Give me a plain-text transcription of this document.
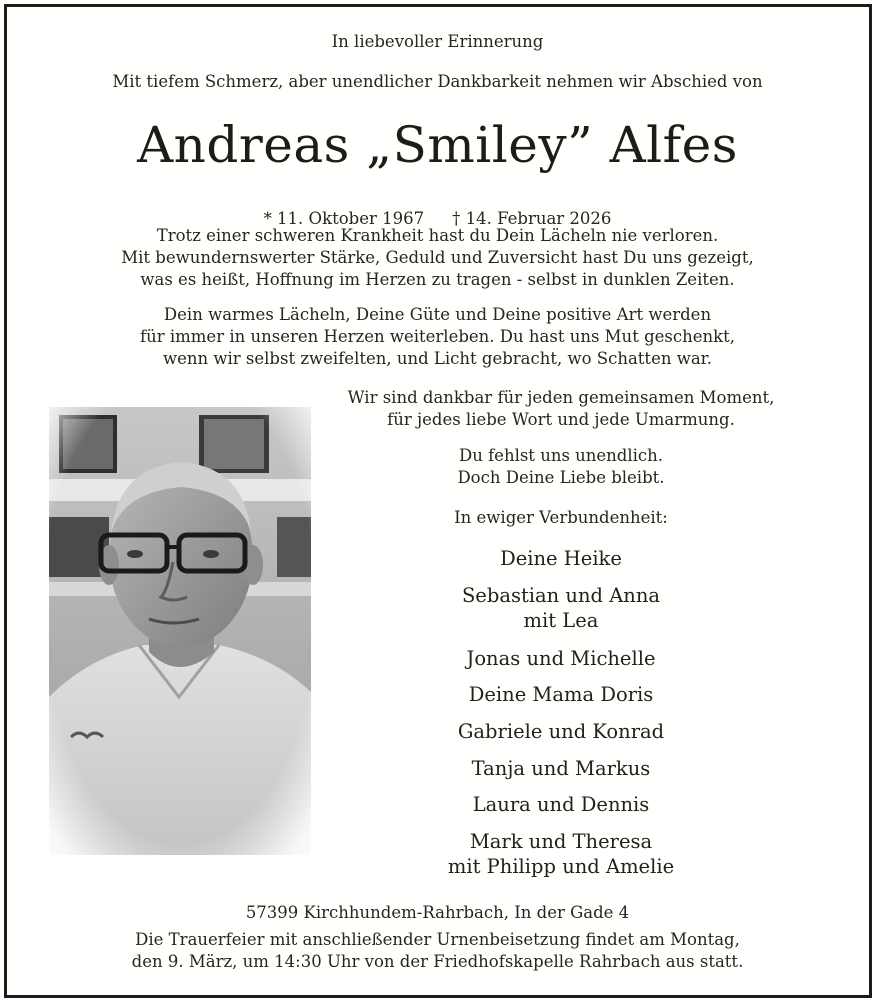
In liebevoller Erinnerung

Mit tiefem Schmerz, aber unendlicher Dankbarkeit nehmen wir Abschied von

Andreas „Smiley” Alfes

* 11. Oktober 1967 † 14. Februar 2026

Trotz einer schweren Krankheit hast du Dein Lächeln nie verloren.
Mit bewundernswerter Stärke, Geduld und Zuversicht hast Du uns gezeigt,
was es heißt, Hoffnung im Herzen zu tragen - selbst in dunklen Zeiten.

Dein warmes Lächeln, Deine Güte und Deine positive Art werden
für immer in unseren Herzen weiterleben. Du hast uns Mut geschenkt,
wenn wir selbst zweifelten, und Licht gebracht, wo Schatten war.

Wir sind dankbar für jeden gemeinsamen Moment,
für jedes liebe Wort und jede Umarmung.

Du fehlst uns unendlich.
Doch Deine Liebe bleibt.

In ewiger Verbundenheit:

Deine Heike

Sebastian und Anna
mit Lea

Jonas und Michelle

Deine Mama Doris

Gabriele und Konrad

Tanja und Markus

Laura und Dennis

Mark und Theresa
mit Philipp und Amelie

57399 Kirchhundem-Rahrbach, In der Gade 4

Die Trauerfeier mit anschließender Urnenbeisetzung findet am Montag,
den 9. März, um 14:30 Uhr von der Friedhofskapelle Rahrbach aus statt.
